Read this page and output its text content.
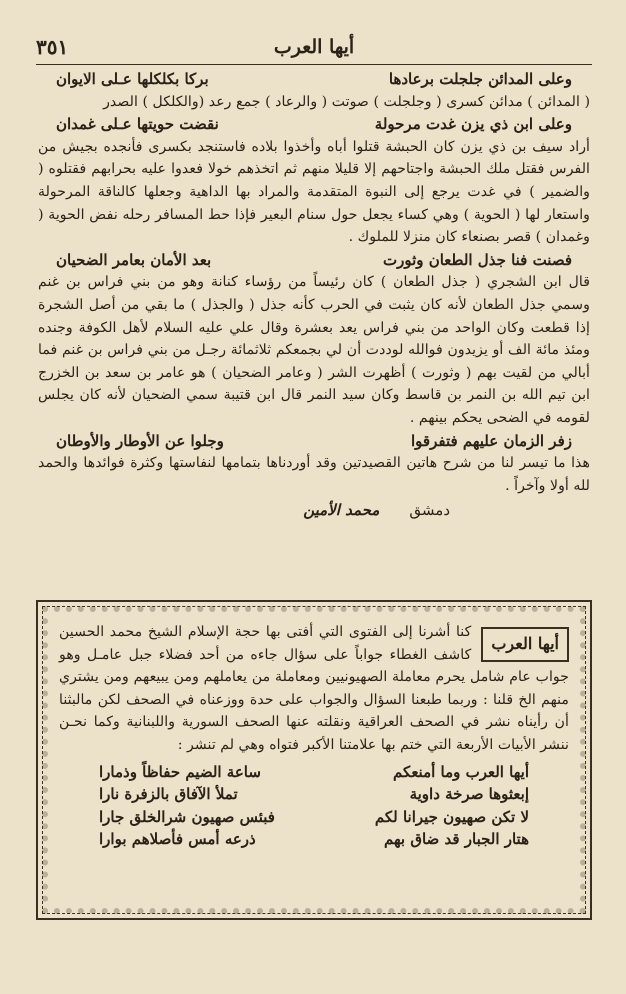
٣٥١	أيها العرب
وعلى المدائن جلجلت برعادها
بركا بكلكلها عـلى الايوان

( المدائن ) مدائن كسرى ( وجلجلت ) صوتت ( والرعاد ) جمع رعد (والكلكل ) الصدر

وعلى ابن ذي يزن غدت مرحولة
نقضت حويتها عـلى غمدان

أراد سيف بن ذي يزن كان الحبشة قتلوا أباه وأخذوا بلاده فاستنجد بكسرى فأنجده بجيش من الفرس فقتل ملك الحبشة واجتاحهم إلا قليلا منهم ثم اتخذهم خولا فعدوا عليه بحرابهم فقتلوه ( والضمير ) في غدت يرجع إلى النبوة المتقدمة والمراد بها الداهية وجعلها كالناقة المرحولة واستعار لها ( الحوية ) وهي كساء يجعل حول سنام البعير فإذا حط المسافر رحله نفض الحوية ( وغمدان ) قصر بصنعاء كان منزلا للملوك .

فصنت فنا جذل الطعان وثورت
بعد الأمان بعامر الضحيان

قال ابن الشجري ( جذل الطعان ) كان رئيساً من رؤساء كنانة وهو من بني فراس بن غنم وسمي جذل الطعان لأنه كان يثبت في الحرب كأنه جذل ( والجذل ) ما بقي من أصل الشجرة إذا قطعت وكان الواحد من بني فراس يعد بعشرة وقال علي عليه السلام لأهل الكوفة وجنده ومئذ مائة الف أو يزيدون فوالله لوددت أن لي بجمعكم ثلاثمائة رجـل من بني فراس بن غنم فما أبالي من لقيت بهم ( وثورت ) أظهرت الشر ( وعامر الضحيان ) هو عامر بن سعد بن الخزرج ابن تيم الله بن النمر بن قاسط وكان سيد النمر قال ابن قتيبة سمي الضحيان لأنه كان يجلس لقومه في الضحى يحكم بينهم .

زفر الزمان عليهم فتفرقوا
وجلوا عن الأوطار والأوطان

هذا ما تيسر لنا من شرح هاتين القصيدتين وقد أوردناها بتمامها لنفاستها وكثرة فوائدها والحمد لله أولا وآخراً .

دمشق
محمد الأمين
أيها العرب

كنا أشرنا إلى الفتوى التي أفتى بها حجة الإسلام الشيخ محمد الحسين كاشف الغطاء جواباً على سؤال جاءه من أحد فضلاء جبل عامـل وهو جواب عام شامل يحرم معاملة الصهيونيين ومعاملة من يعاملهم ومن يبيعهم ومن يشتري منهم الخ قلنا : وربما طبعنا السؤال والجواب على حدة ووزعناه في الصحف لكن مالبثنا أن رأيناه نشر في الصحف العراقية ونقلته عنها الصحف السورية واللبنانية وكما نحـن ننشر الأبيات الأربعة التي ختم بها علامتنا الأكبر فتواه وهي لم تنشر :

أيها العرب وما أمنعكم
ساعة الضيم حفاظاً وذمارا
إبعثوها صرخة داوية
تملأ الآفاق بالزفرة نارا
لا تكن صهيون جيرانا لكم
فبئس صهيون شرالخلق جارا
هتار الجبار قد ضاق بهم
ذرعه أمس فأصلاهم بوارا
